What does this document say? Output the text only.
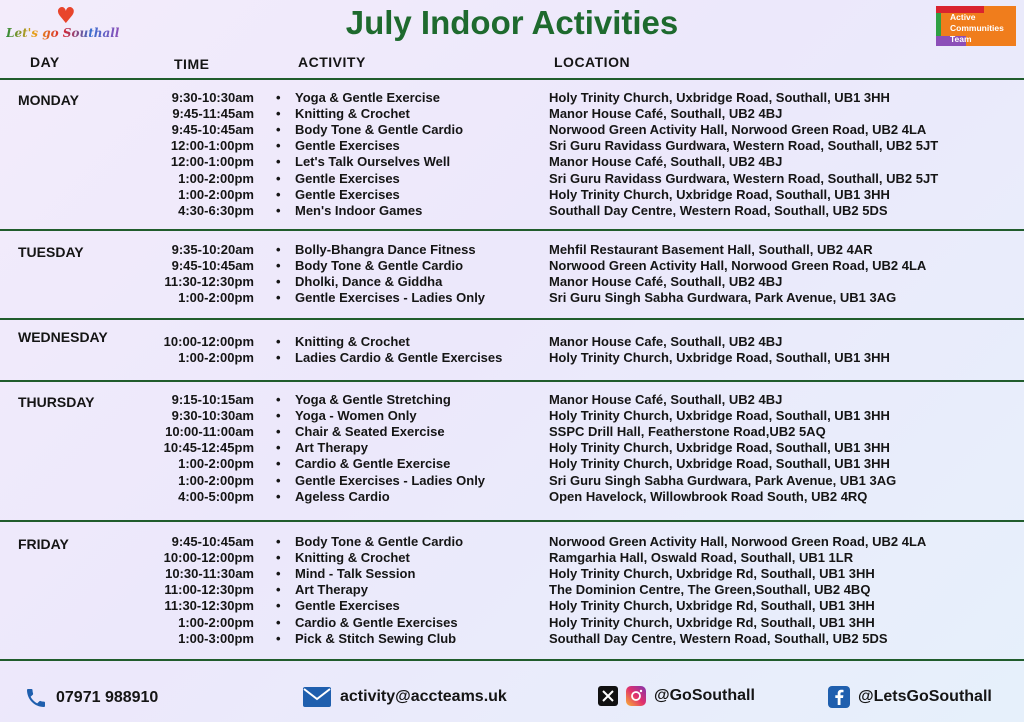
♥
Let's go Southall
Active
Communities
Team
July Indoor Activities
DAY	TIME	ACTIVITY	LOCATION
MONDAY	9:30-10:30am • Yoga & Gentle Exercise	Holy Trinity Church, Uxbridge Road, Southall, UB1 3HH
9:45-11:45am • Knitting & Crochet	Manor House Café, Southall, UB2 4BJ
9:45-10:45am • Body Tone & Gentle Cardio	Norwood Green Activity Hall, Norwood Green Road, UB2 4LA
12:00-1:00pm • Gentle Exercises	Sri Guru Ravidass Gurdwara, Western Road, Southall, UB2 5JT
12:00-1:00pm • Let's Talk Ourselves Well	Manor House Café, Southall, UB2 4BJ
1:00-2:00pm • Gentle Exercises	Sri Guru Ravidass Gurdwara, Western Road, Southall, UB2 5JT
1:00-2:00pm • Gentle Exercises	Holy Trinity Church, Uxbridge Road, Southall, UB1 3HH
4:30-6:30pm • Men's Indoor Games	Southall Day Centre, Western Road, Southall, UB2 5DS
TUESDAY	9:35-10:20am • Bolly-Bhangra Dance Fitness	Mehfil Restaurant Basement Hall, Southall, UB2 4AR
9:45-10:45am • Body Tone & Gentle Cardio	Norwood Green Activity Hall, Norwood Green Road, UB2 4LA
11:30-12:30pm • Dholki, Dance & Giddha	Manor House Café, Southall, UB2 4BJ
1:00-2:00pm • Gentle Exercises - Ladies Only	Sri Guru Singh Sabha Gurdwara, Park Avenue, UB1 3AG
WEDNESDAY	10:00-12:00pm • Knitting & Crochet	Manor House Cafe, Southall, UB2 4BJ
1:00-2:00pm • Ladies Cardio & Gentle Exercises	Holy Trinity Church, Uxbridge Road, Southall, UB1 3HH
THURSDAY	9:15-10:15am • Yoga & Gentle Stretching	Manor House Café, Southall, UB2 4BJ
9:30-10:30am • Yoga - Women Only	Holy Trinity Church, Uxbridge Road, Southall, UB1 3HH
10:00-11:00am • Chair & Seated Exercise	SSPC Drill Hall, Featherstone Road,UB2 5AQ
10:45-12:45pm • Art Therapy	Holy Trinity Church, Uxbridge Road, Southall, UB1 3HH
1:00-2:00pm • Cardio & Gentle Exercise	Holy Trinity Church, Uxbridge Road, Southall, UB1 3HH
1:00-2:00pm • Gentle Exercises - Ladies Only	Sri Guru Singh Sabha Gurdwara, Park Avenue, UB1 3AG
4:00-5:00pm • Ageless Cardio	Open Havelock, Willowbrook Road South, UB2 4RQ
FRIDAY	9:45-10:45am • Body Tone & Gentle Cardio	Norwood Green Activity Hall, Norwood Green Road, UB2 4LA
10:00-12:00pm • Knitting & Crochet	Ramgarhia Hall, Oswald Road, Southall, UB1 1LR
10:30-11:30am • Mind - Talk Session	Holy Trinity Church, Uxbridge Rd, Southall, UB1 3HH
11:00-12:30pm • Art Therapy	The Dominion Centre, The Green,Southall, UB2 4BQ
11:30-12:30pm • Gentle Exercises	Holy Trinity Church, Uxbridge Rd, Southall, UB1 3HH
1:00-2:00pm • Cardio & Gentle Exercises	Holy Trinity Church, Uxbridge Rd, Southall, UB1 3HH
1:00-3:00pm • Pick & Stitch Sewing Club	Southall Day Centre, Western Road, Southall, UB2 5DS
07971 988910	activity@accteams.uk	@GoSouthall	@LetsGoSouthall
